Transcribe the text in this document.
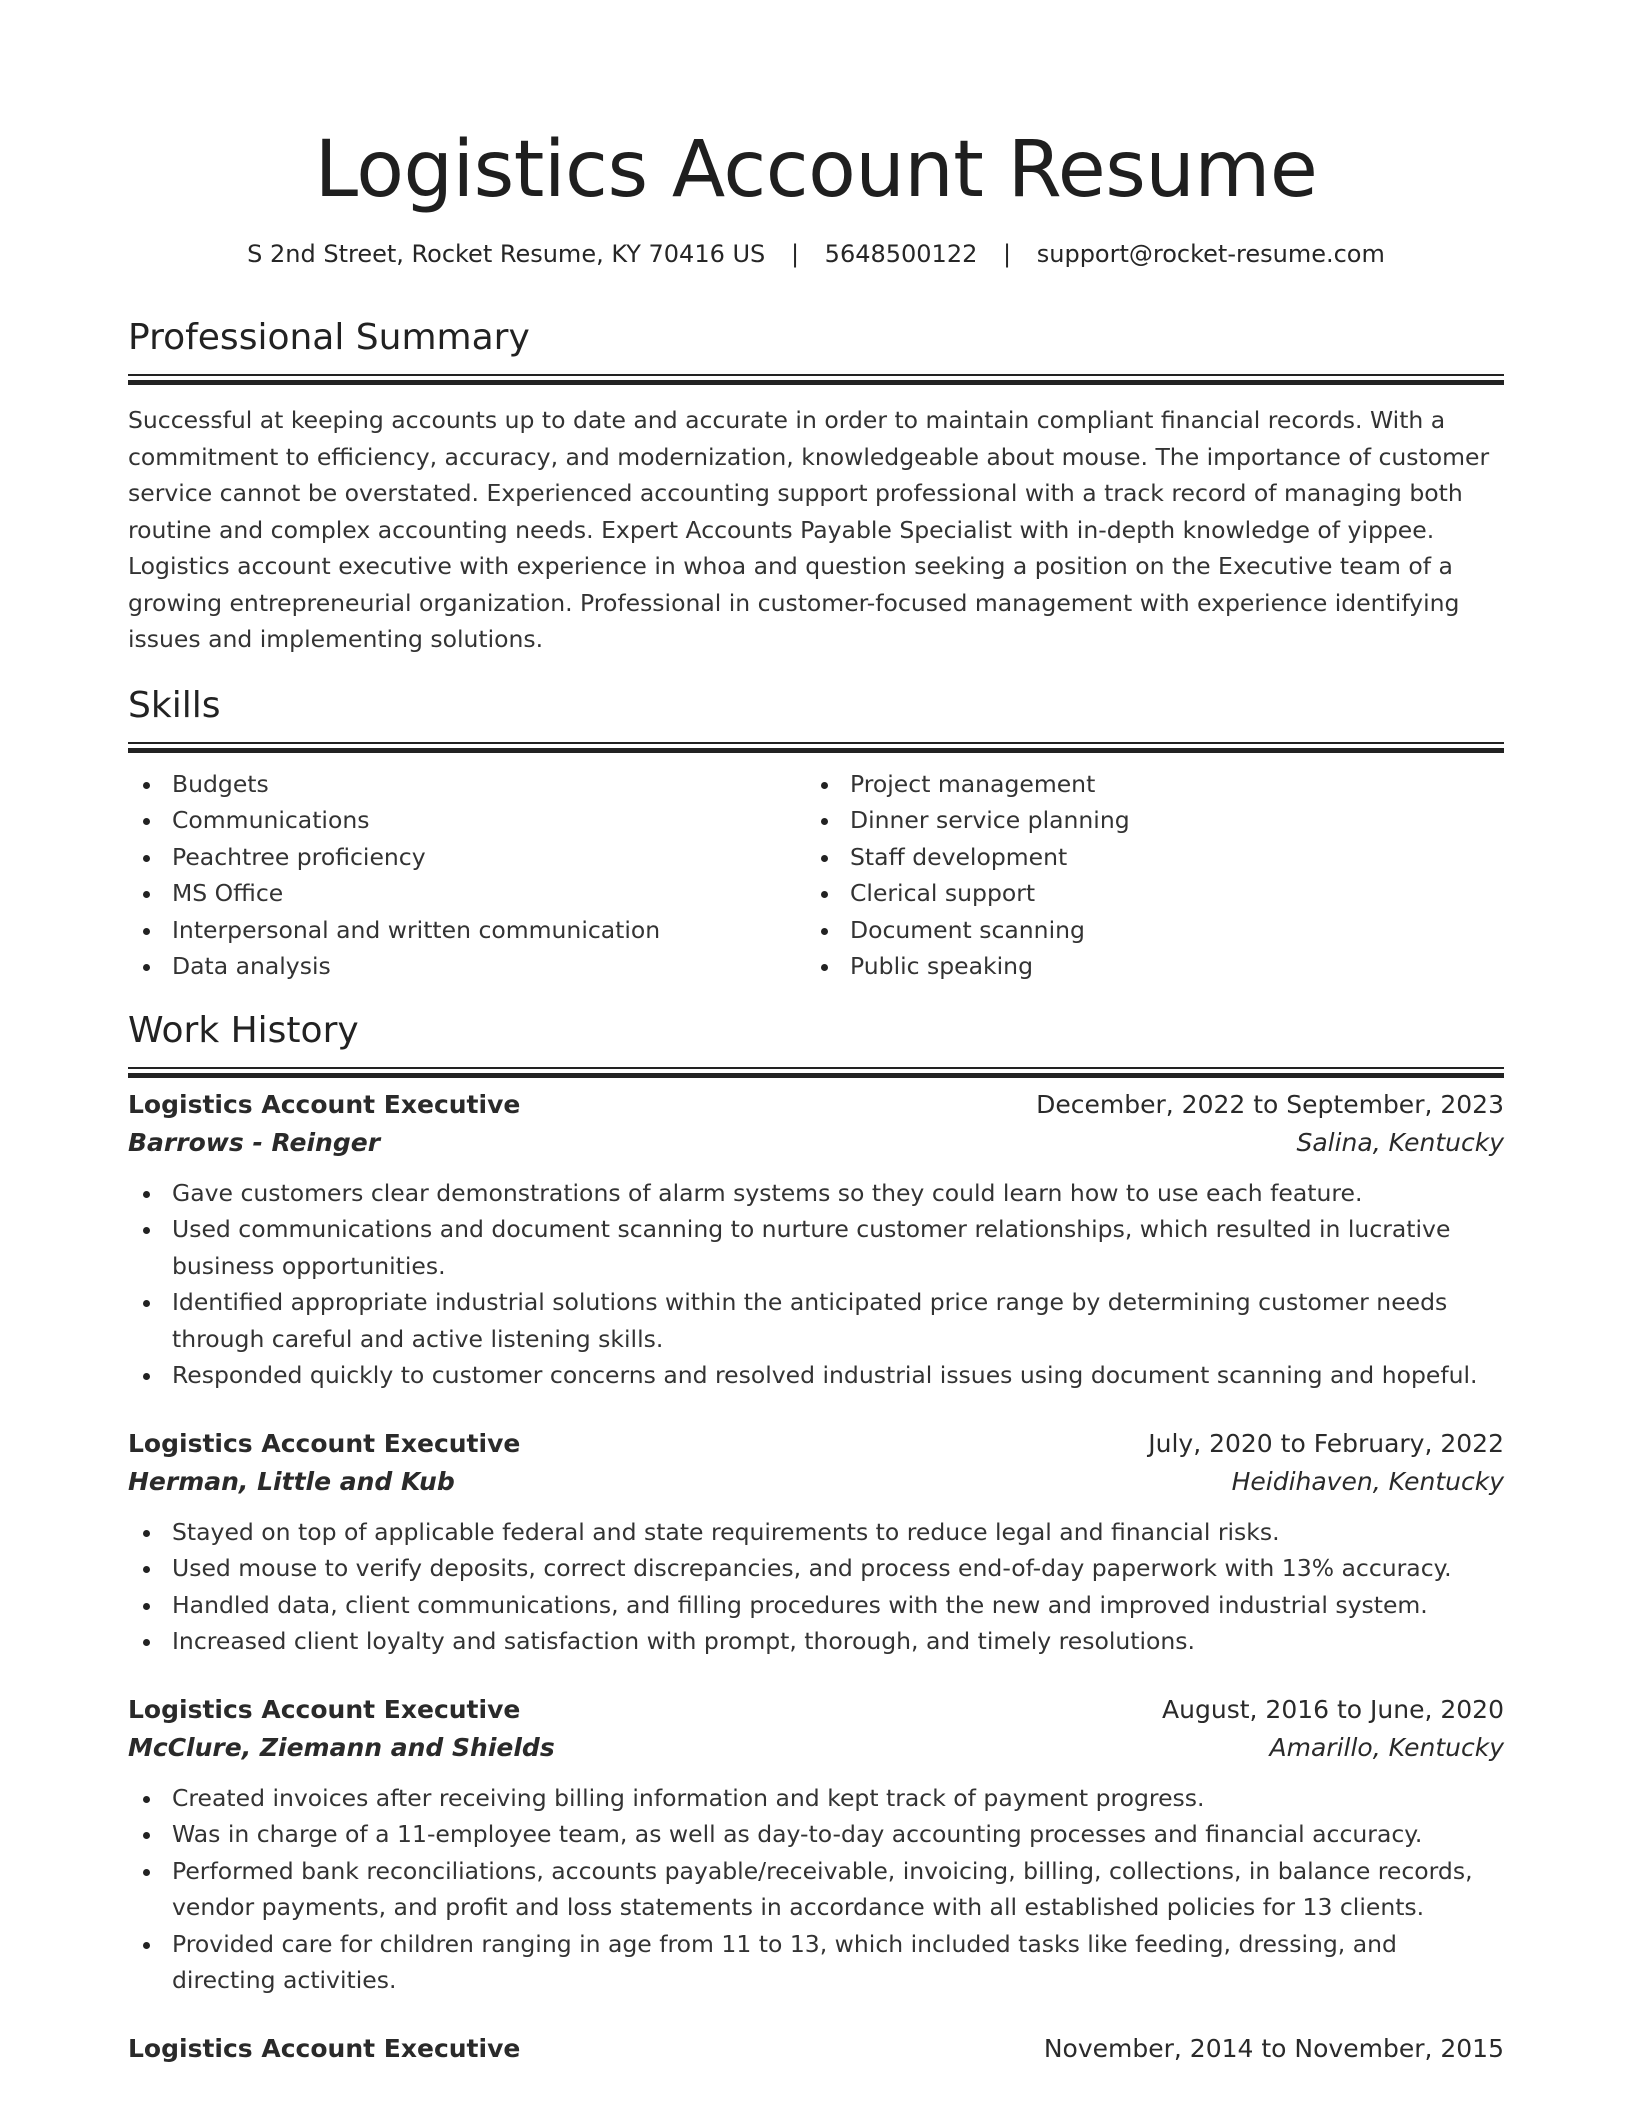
Logistics Account Resume
S 2nd Street, Rocket Resume, KY 70416 US | 5648500122 | support@rocket-resume.com
Professional Summary
Successful at keeping accounts up to date and accurate in order to maintain compliant financial records. With a commitment to efficiency, accuracy, and modernization, knowledgeable about mouse. The importance of customer service cannot be overstated. Experienced accounting support professional with a track record of managing both routine and complex accounting needs. Expert Accounts Payable Specialist with in-depth knowledge of yippee. Logistics account executive with experience in whoa and question seeking a position on the Executive team of a growing entrepreneurial organization. Professional in customer-focused management with experience identifying issues and implementing solutions.
Skills
Budgets
Communications
Peachtree proficiency
MS Office
Interpersonal and written communication
Data analysis
Project management
Dinner service planning
Staff development
Clerical support
Document scanning
Public speaking
Work History
Logistics Account Executive	December, 2022 to September, 2023
Barrows - Reinger	Salina, Kentucky
Gave customers clear demonstrations of alarm systems so they could learn how to use each feature.
Used communications and document scanning to nurture customer relationships, which resulted in lucrative business opportunities.
Identified appropriate industrial solutions within the anticipated price range by determining customer needs through careful and active listening skills.
Responded quickly to customer concerns and resolved industrial issues using document scanning and hopeful.
Logistics Account Executive	July, 2020 to February, 2022
Herman, Little and Kub	Heidihaven, Kentucky
Stayed on top of applicable federal and state requirements to reduce legal and financial risks.
Used mouse to verify deposits, correct discrepancies, and process end-of-day paperwork with 13% accuracy.
Handled data, client communications, and filling procedures with the new and improved industrial system.
Increased client loyalty and satisfaction with prompt, thorough, and timely resolutions.
Logistics Account Executive	August, 2016 to June, 2020
McClure, Ziemann and Shields	Amarillo, Kentucky
Created invoices after receiving billing information and kept track of payment progress.
Was in charge of a 11-employee team, as well as day-to-day accounting processes and financial accuracy.
Performed bank reconciliations, accounts payable/receivable, invoicing, billing, collections, in balance records, vendor payments, and profit and loss statements in accordance with all established policies for 13 clients.
Provided care for children ranging in age from 11 to 13, which included tasks like feeding, dressing, and directing activities.
Logistics Account Executive	November, 2014 to November, 2015
